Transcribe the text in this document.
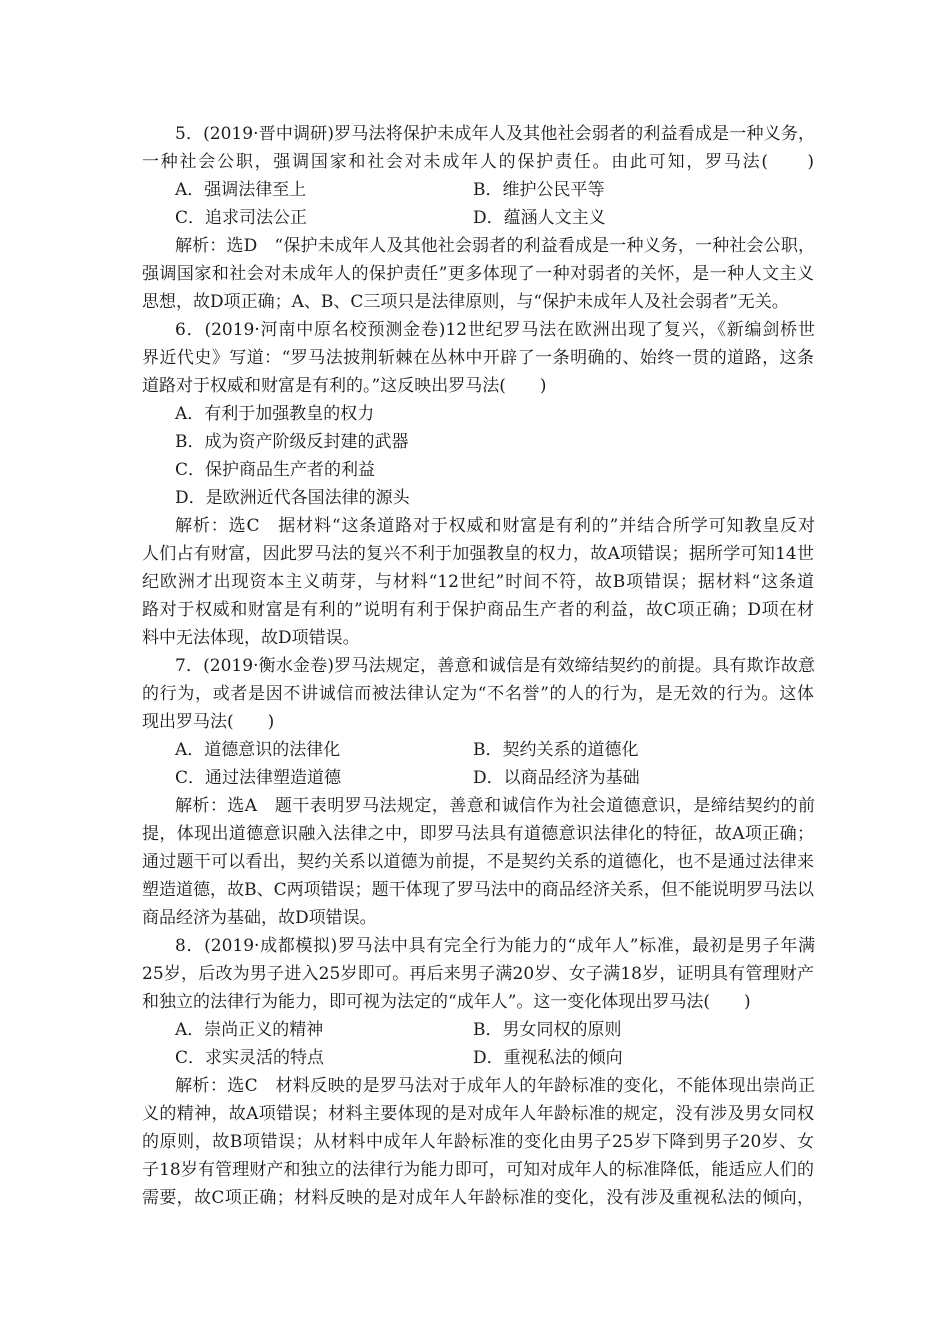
5．(2019·晋中调研)罗马法将保护未成年人及其他社会弱者的利益看成是一种义务，
一种社会公职，强调国家和社会对未成年人的保护责任。由此可知，罗马法(　　)
A．强调法律至上	B．维护公民平等
C．追求司法公正	D．蕴涵人文主义
解析：选D　“保护未成年人及其他社会弱者的利益看成是一种义务，一种社会公职，
强调国家和社会对未成年人的保护责任”更多体现了一种对弱者的关怀，是一种人文主义
思想，故D项正确；A、B、C三项只是法律原则，与“保护未成年人及社会弱者”无关。
6．(2019·河南中原名校预测金卷)12世纪罗马法在欧洲出现了复兴，《新编剑桥世
界近代史》写道：“罗马法披荆斩棘在丛林中开辟了一条明确的、始终一贯的道路，这条
道路对于权威和财富是有利的。”这反映出罗马法(　　)
A．有利于加强教皇的权力
B．成为资产阶级反封建的武器
C．保护商品生产者的利益
D．是欧洲近代各国法律的源头
解析：选C　据材料“这条道路对于权威和财富是有利的”并结合所学可知教皇反对
人们占有财富，因此罗马法的复兴不利于加强教皇的权力，故A项错误；据所学可知14世
纪欧洲才出现资本主义萌芽，与材料“12世纪”时间不符，故B项错误；据材料“这条道
路对于权威和财富是有利的”说明有利于保护商品生产者的利益，故C项正确；D项在材
料中无法体现，故D项错误。
7．(2019·衡水金卷)罗马法规定，善意和诚信是有效缔结契约的前提。具有欺诈故意
的行为，或者是因不讲诚信而被法律认定为“不名誉”的人的行为，是无效的行为。这体
现出罗马法(　　)
A．道德意识的法律化	B．契约关系的道德化
C．通过法律塑造道德	D．以商品经济为基础
解析：选A　题干表明罗马法规定，善意和诚信作为社会道德意识，是缔结契约的前
提，体现出道德意识融入法律之中，即罗马法具有道德意识法律化的特征，故A项正确；
通过题干可以看出，契约关系以道德为前提，不是契约关系的道德化，也不是通过法律来
塑造道德，故B、C两项错误；题干体现了罗马法中的商品经济关系，但不能说明罗马法以
商品经济为基础，故D项错误。
8．(2019·成都模拟)罗马法中具有完全行为能力的“成年人”标准，最初是男子年满
25岁，后改为男子进入25岁即可。再后来男子满20岁、女子满18岁，证明具有管理财产
和独立的法律行为能力，即可视为法定的“成年人”。这一变化体现出罗马法(　　)
A．崇尚正义的精神	B．男女同权的原则
C．求实灵活的特点	D．重视私法的倾向
解析：选C　材料反映的是罗马法对于成年人的年龄标准的变化，不能体现出崇尚正
义的精神，故A项错误；材料主要体现的是对成年人年龄标准的规定，没有涉及男女同权
的原则，故B项错误；从材料中成年人年龄标准的变化由男子25岁下降到男子20岁、女
子18岁有管理财产和独立的法律行为能力即可，可知对成年人的标准降低，能适应人们的
需要，故C项正确；材料反映的是对成年人年龄标准的变化，没有涉及重视私法的倾向，
